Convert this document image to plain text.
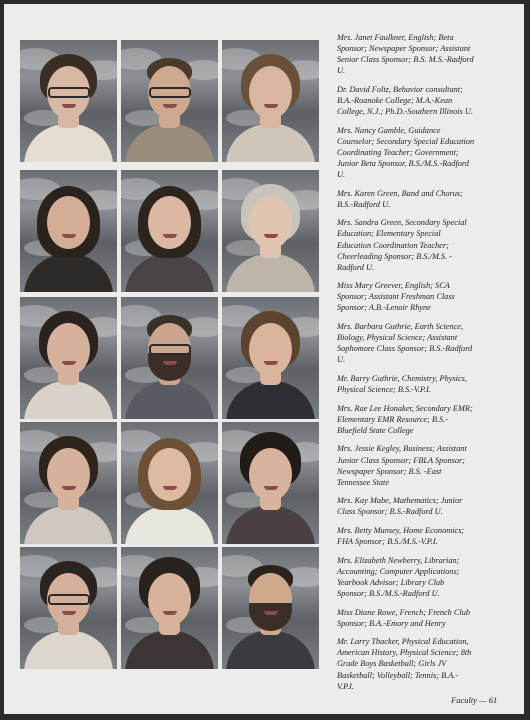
Mrs. Janet Faulkner, English; Beta Sponsor; Newspaper Sponsor; Assistant Senior Class Sponsor; B.S. M.S.-Radford U.

Dr. David Foltz, Behavior consultant; B.A.-Roanoke College; M.A.-Kean College, N.J.; Ph.D.-Southern Illinois U.

Mrs. Nancy Gamble, Guidance Counselor; Secondary Special Education Coordinating Teacher; Government; Junior Beta Sponsor, B.S./M.S.-Radford U.

Mrs. Karen Green, Band and Chorus; B.S.-Radford U.

Mrs. Sandra Green, Secondary Special Education; Elementary Special Education Coordination Teacher; Cheerleading Sponsor; B.S./M.S. -Radford U.

Miss Mary Greever, English; SCA Sponsor; Assistant Freshman Class Sponsor; A.B.-Lenoir Rhyne

Mrs. Barbara Guthrie, Earth Science, Biology, Physical Science; Assistant Sophomore Class Sponsor; B.S.-Radford U.

Mr. Barry Guthrie, Chemistry, Physics, Physical Science; B.S.-V.P.I.

Mrs. Rae Lee Honaker, Secondary EMR; Elementary EMR Resource; B.S.-Bluefield State College

Mrs. Jessie Kegley, Business; Assistant Junior Class Sponsor; FBLA Sponsor; Newspaper Sponsor; B.S. -East Tennessee State

Mrs. Kay Mabe, Mathematics; Junior Class Sponsor; B.S.-Radford U.

Mrs. Betty Munsey, Home Economics; FHA Sponsor; B.S./M.S.-V.P.I.

Mrs. Elizabeth Newberry, Librarian; Accounting; Computer Applications; Yearbook Advisor; Library Club Sponsor; B.S./M.S.-Radford U.

Miss Diane Rowe, French; French Club Sponsor; B.A.-Emory and Henry

Mr. Larry Thacker, Physical Education, American History, Physical Science; 8th Grade Boys Basketball; Girls JV Basketball; Volleyball; Tennis; B.A.-V.P.I.

Faculty — 61
